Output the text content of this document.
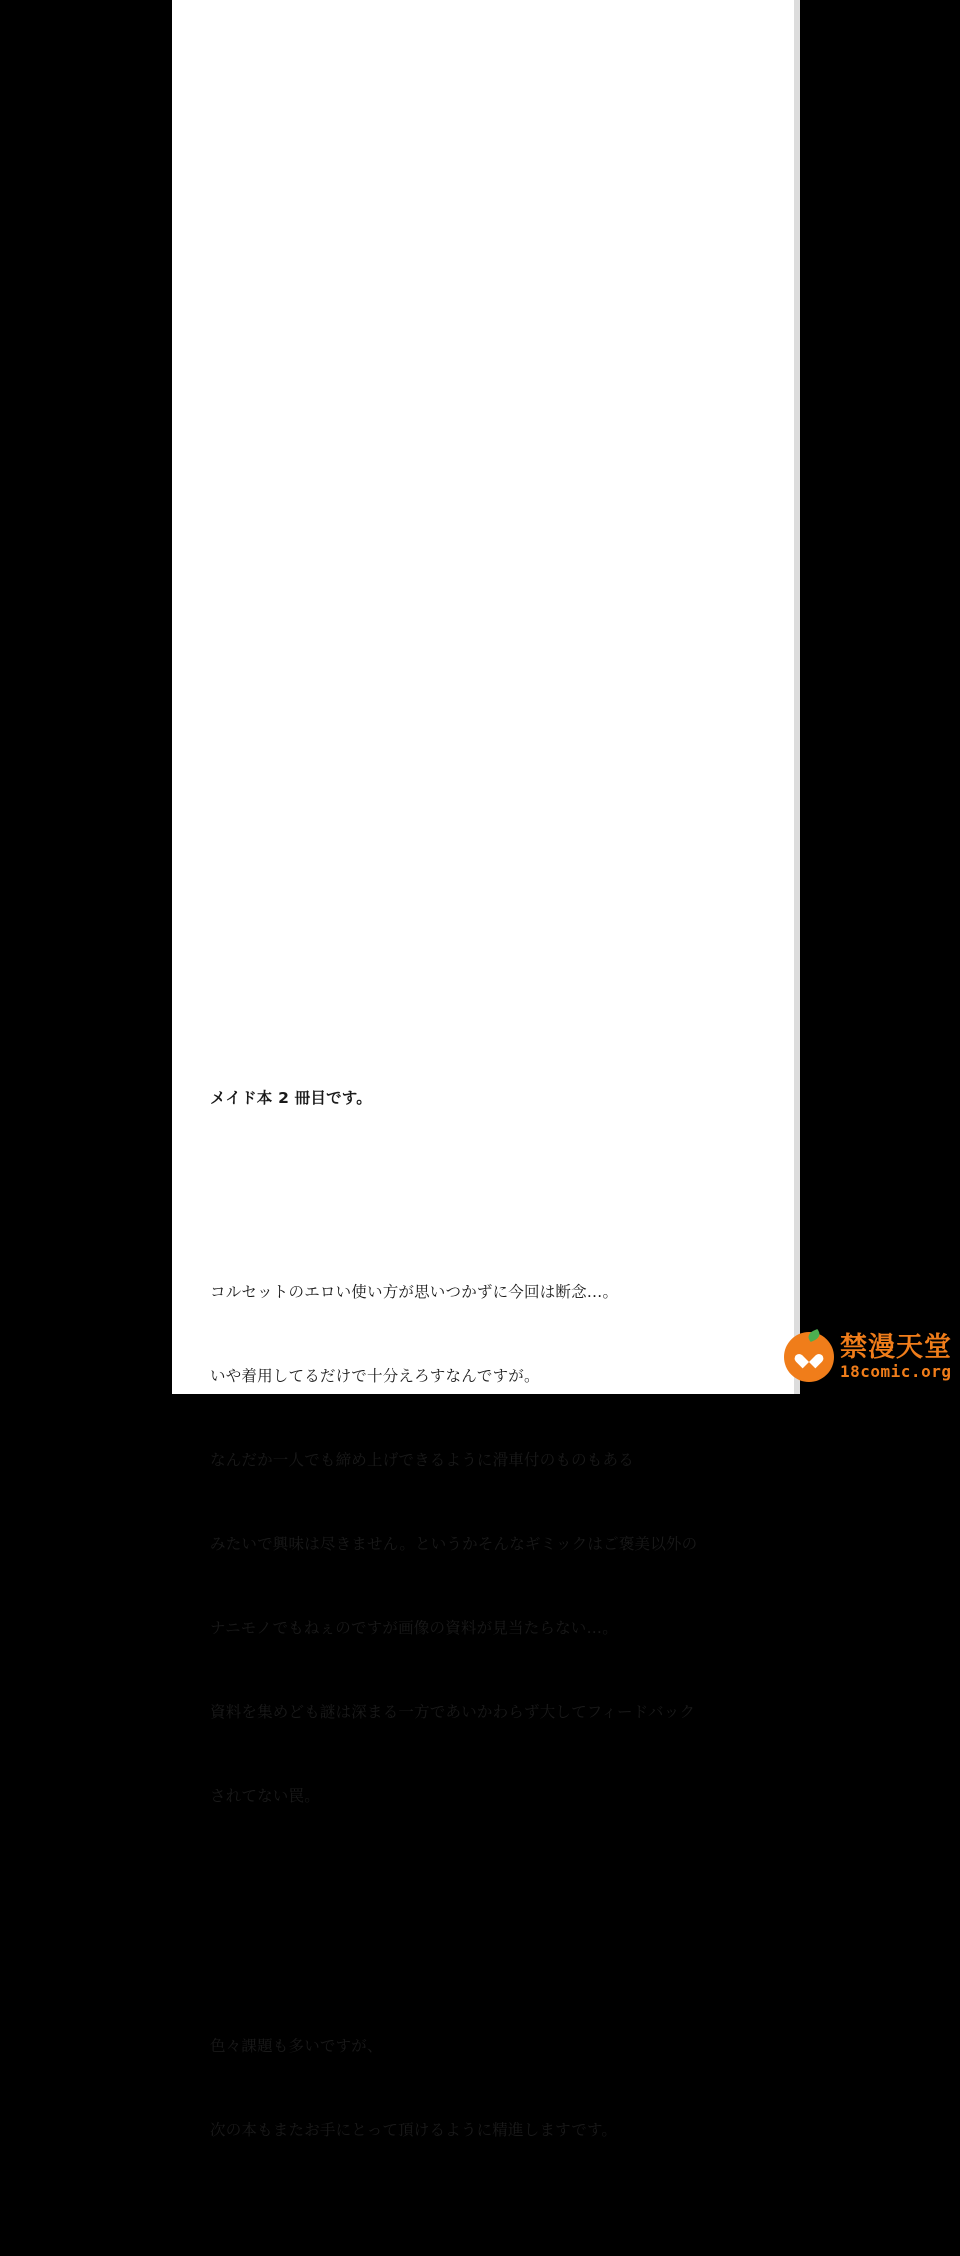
メイド本 2 冊目です。

コルセットのエロい使い方が思いつかずに今回は断念…。

いや着用してるだけで十分えろすなんですが。

なんだか一人でも締め上げできるように滑車付のものもある

みたいで興味は尽きません。というかそんなギミックはご褒美以外の

ナニモノでもねぇのですが画像の資料が見当たらない…。

資料を集めども謎は深まる一方であいかわらず大してフィードバック

されてない罠。

色々課題も多いですが、

次の本もまたお手にとって頂けるように精進しますです。

禁漫天堂
18comic.org
